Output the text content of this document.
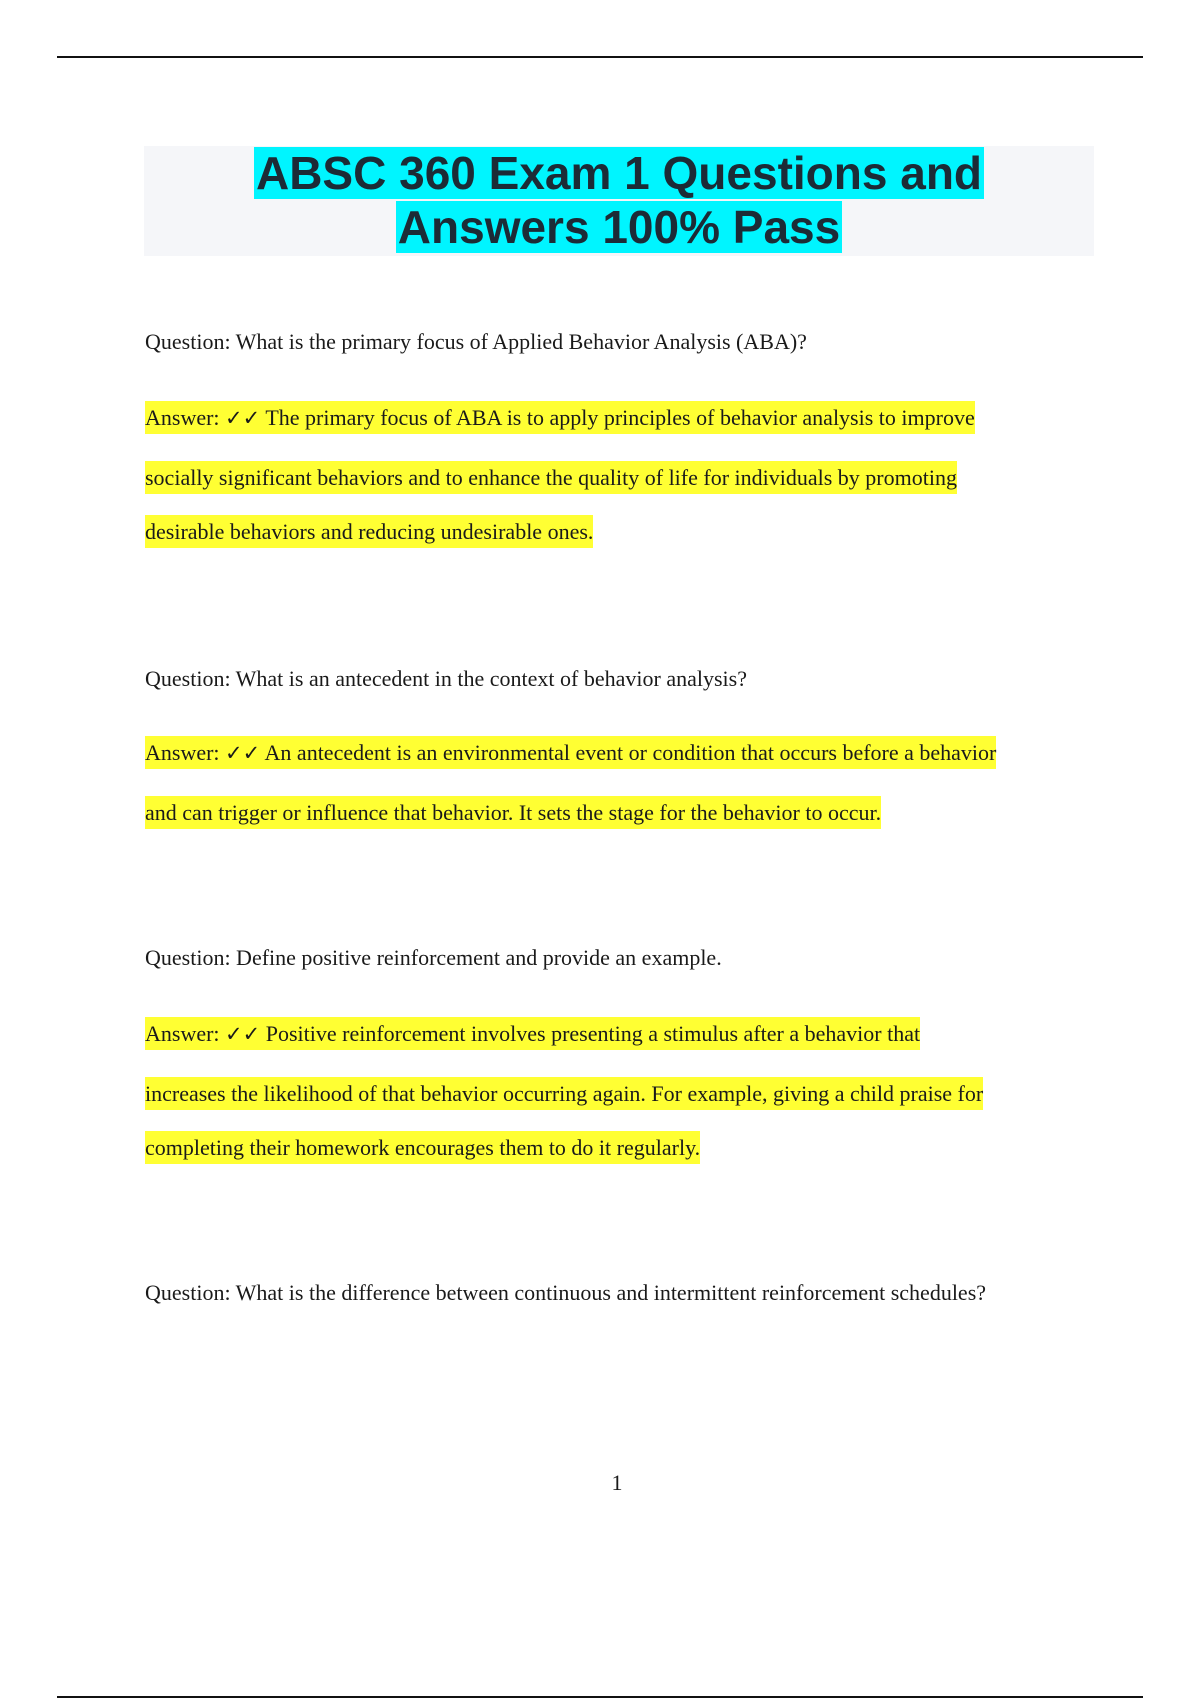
ABSC 360 Exam 1 Questions and
Answers 100% Pass

Question: What is the primary focus of Applied Behavior Analysis (ABA)?

Answer: ✓✓ The primary focus of ABA is to apply principles of behavior analysis to improve
socially significant behaviors and to enhance the quality of life for individuals by promoting
desirable behaviors and reducing undesirable ones.

Question: What is an antecedent in the context of behavior analysis?

Answer: ✓✓ An antecedent is an environmental event or condition that occurs before a behavior
and can trigger or influence that behavior. It sets the stage for the behavior to occur.

Question: Define positive reinforcement and provide an example.

Answer: ✓✓ Positive reinforcement involves presenting a stimulus after a behavior that
increases the likelihood of that behavior occurring again. For example, giving a child praise for
completing their homework encourages them to do it regularly.

Question: What is the difference between continuous and intermittent reinforcement schedules?

1
